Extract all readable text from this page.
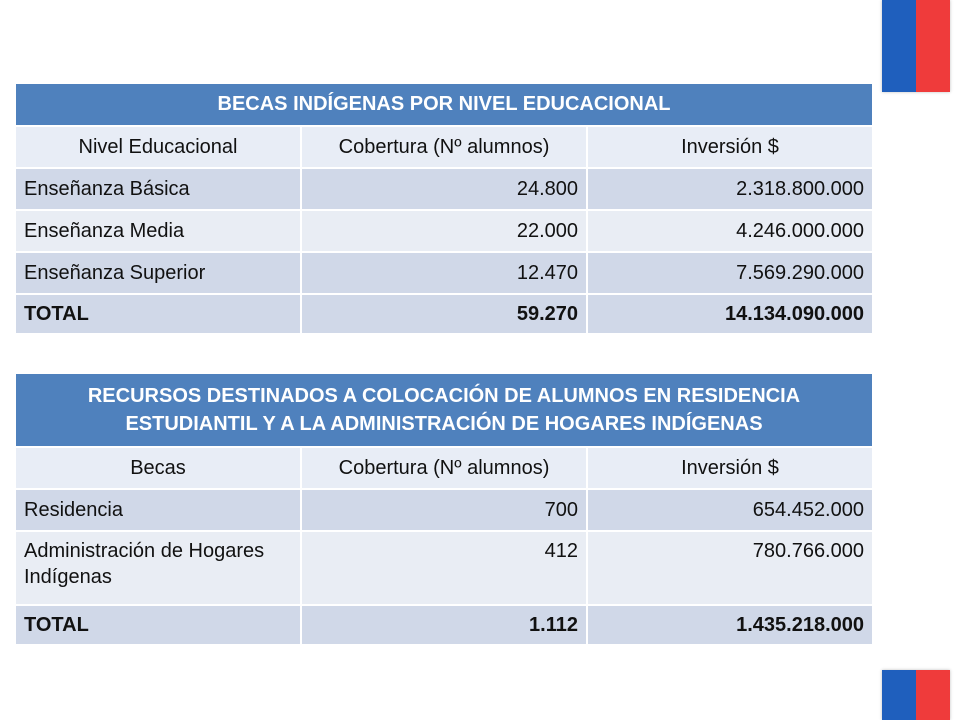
BECAS INDÍGENAS POR NIVEL EDUCACIONAL		
Nivel Educacional	Cobertura (Nº alumnos)	Inversión $
Enseñanza Básica	24.800	2.318.800.000
Enseñanza Media	22.000	4.246.000.000
Enseñanza Superior	12.470	7.569.290.000
TOTAL	59.270	14.134.090.000
RECURSOS DESTINADOS A COLOCACIÓN DE ALUMNOS EN RESIDENCIA ESTUDIANTIL Y A LA ADMINISTRACIÓN DE HOGARES INDÍGENAS		
Becas	Cobertura (Nº alumnos)	Inversión $
Residencia	700	654.452.000
Administración de Hogares Indígenas	412	780.766.000
TOTAL	1.112	1.435.218.000
